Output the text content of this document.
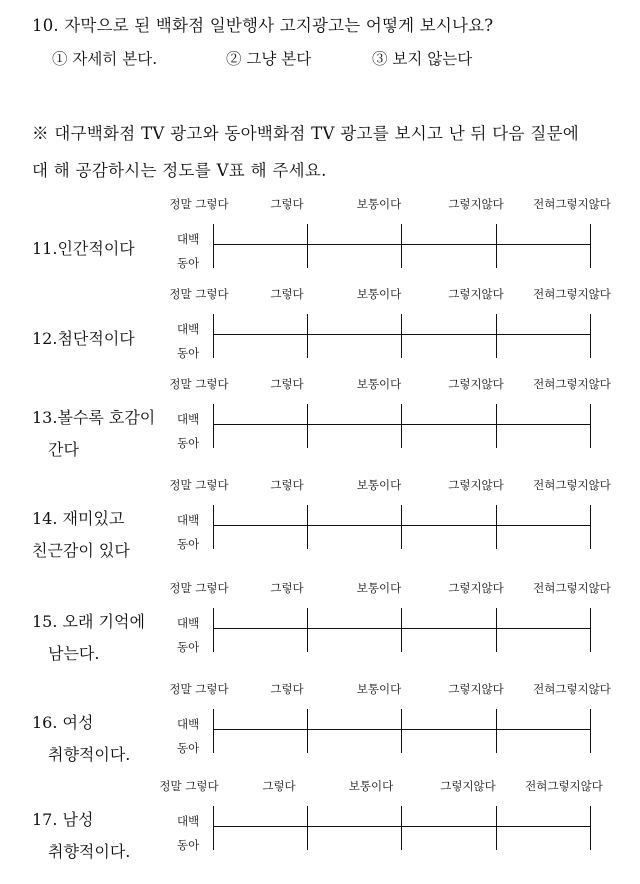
10. 자막으로 된 백화점 일반행사 고지광고는 어떻게 보시나요?
① 자세히 본다.	② 그냥 본다	③ 보지 않는다
※ 대구백화점 TV 광고와 동아백화점 TV 광고를 보시고 난 뒤 다음 질문에
대 해 공감하시는 정도를 V표 해 주세요.
정말 그렇다	그렇다	보통이다	그렇지않다	전혀그렇지않다
11.인간적이다	대백
동아
정말 그렇다	그렇다	보통이다	그렇지않다	전혀그렇지않다
12.첨단적이다	대백
동아
정말 그렇다	그렇다	보통이다	그렇지않다	전혀그렇지않다
13.볼수록 호감이
간다
대백
동아
정말 그렇다	그렇다	보통이다	그렇지않다	전혀그렇지않다
14. 재미있고
친근감이 있다
대백
동아
정말 그렇다	그렇다	보통이다	그렇지않다	전혀그렇지않다
15. 오래 기억에
남는다.
대백
동아
정말 그렇다	그렇다	보통이다	그렇지않다	전혀그렇지않다
16. 여성
취향적이다.
대백
동아
정말 그렇다	그렇다	보통이다	그렇지않다	전혀그렇지않다
17. 남성
취향적이다.
대백
동아
